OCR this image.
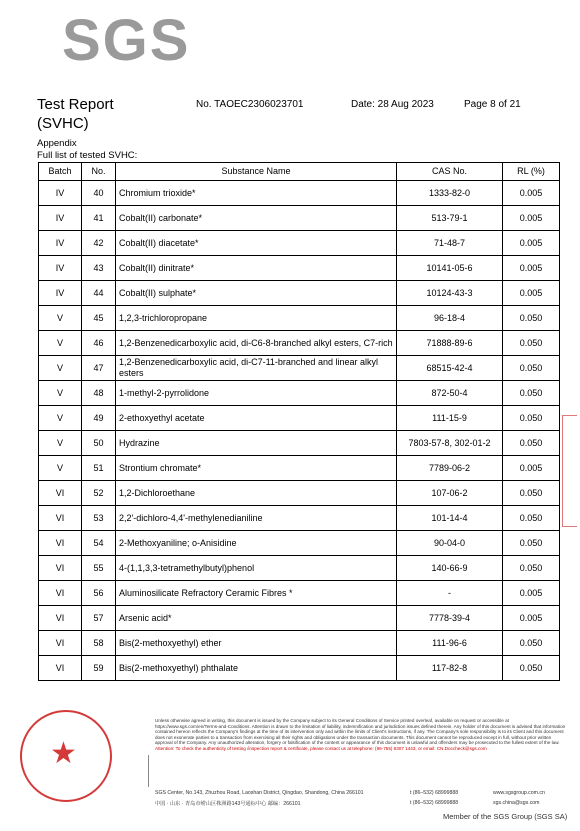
SGS
Test Report
(SVHC)
No. TAOEC2306023701	Date: 28 Aug 2023	Page 8 of 21
Appendix
Full list of tested SVHC:
Batch	No.	Substance Name	CAS No.	RL (%)
IV	40	Chromium trioxide*	1333-82-0	0.005
IV	41	Cobalt(II) carbonate*	513-79-1	0.005
IV	42	Cobalt(II) diacetate*	71-48-7	0.005
IV	43	Cobalt(II) dinitrate*	10141-05-6	0.005
IV	44	Cobalt(II) sulphate*	10124-43-3	0.005
V	45	1,2,3-trichloropropane	96-18-4	0.050
V	46	1,2-Benzenedicarboxylic acid, di-C6-8-branched alkyl esters, C7-rich	71888-89-6	0.050
V	47	1,2-Benzenedicarboxylic acid, di-C7-11-branched and linear alkyl esters	68515-42-4	0.050
V	48	1-methyl-2-pyrrolidone	872-50-4	0.050
V	49	2-ethoxyethyl acetate	111-15-9	0.050
V	50	Hydrazine	7803-57-8, 302-01-2	0.050
V	51	Strontium chromate*	7789-06-2	0.005
VI	52	1,2-Dichloroethane	107-06-2	0.050
VI	53	2,2'-dichloro-4,4'-methylenedianiline	101-14-4	0.050
VI	54	2-Methoxyaniline; o-Anisidine	90-04-0	0.050
VI	55	4-(1,1,3,3-tetramethylbutyl)phenol	140-66-9	0.050
VI	56	Aluminosilicate Refractory Ceramic Fibres *	-	0.005
VI	57	Arsenic acid*	7778-39-4	0.005
VI	58	Bis(2-methoxyethyl) ether	111-96-6	0.050
VI	59	Bis(2-methoxyethyl) phthalate	117-82-8	0.050
★
Unless otherwise agreed in writing, this document is issued by the Company subject to its General Conditions of Service printed overleaf, available on request or accessible at https://www.sgs.com/en/Terms-and-Conditions. Attention is drawn to the limitation of liability, indemnification and jurisdiction issues defined therein. Any holder of this document is advised that information contained hereon reflects the Company's findings at the time of its intervention only and within the limits of Client's instructions, if any. The Company's sole responsibility is to its Client and this document does not exonerate parties to a transaction from exercising all their rights and obligations under the transaction documents. This document cannot be reproduced except in full, without prior written approval of the Company. Any unauthorized alteration, forgery or falsification of the content or appearance of this document is unlawful and offenders may be prosecuted to the fullest extent of the law. Attention: To check the authenticity of testing /inspection report & certificate, please contact us at telephone: (86-755) 8307 1443, or email: CN.Doccheck@sgs.com
SGS Center, No.143, Zhuzhou Road, Laoshan District, Qingdao, Shandong, China 266101
中国 · 山东 · 青岛市崂山区株洲路143号通标中心 邮编：266101
t (86–532) 68999888
t (86–532) 68999888
www.sgsgroup.com.cn
sgs.china@sgs.com
Member of the SGS Group (SGS SA)
